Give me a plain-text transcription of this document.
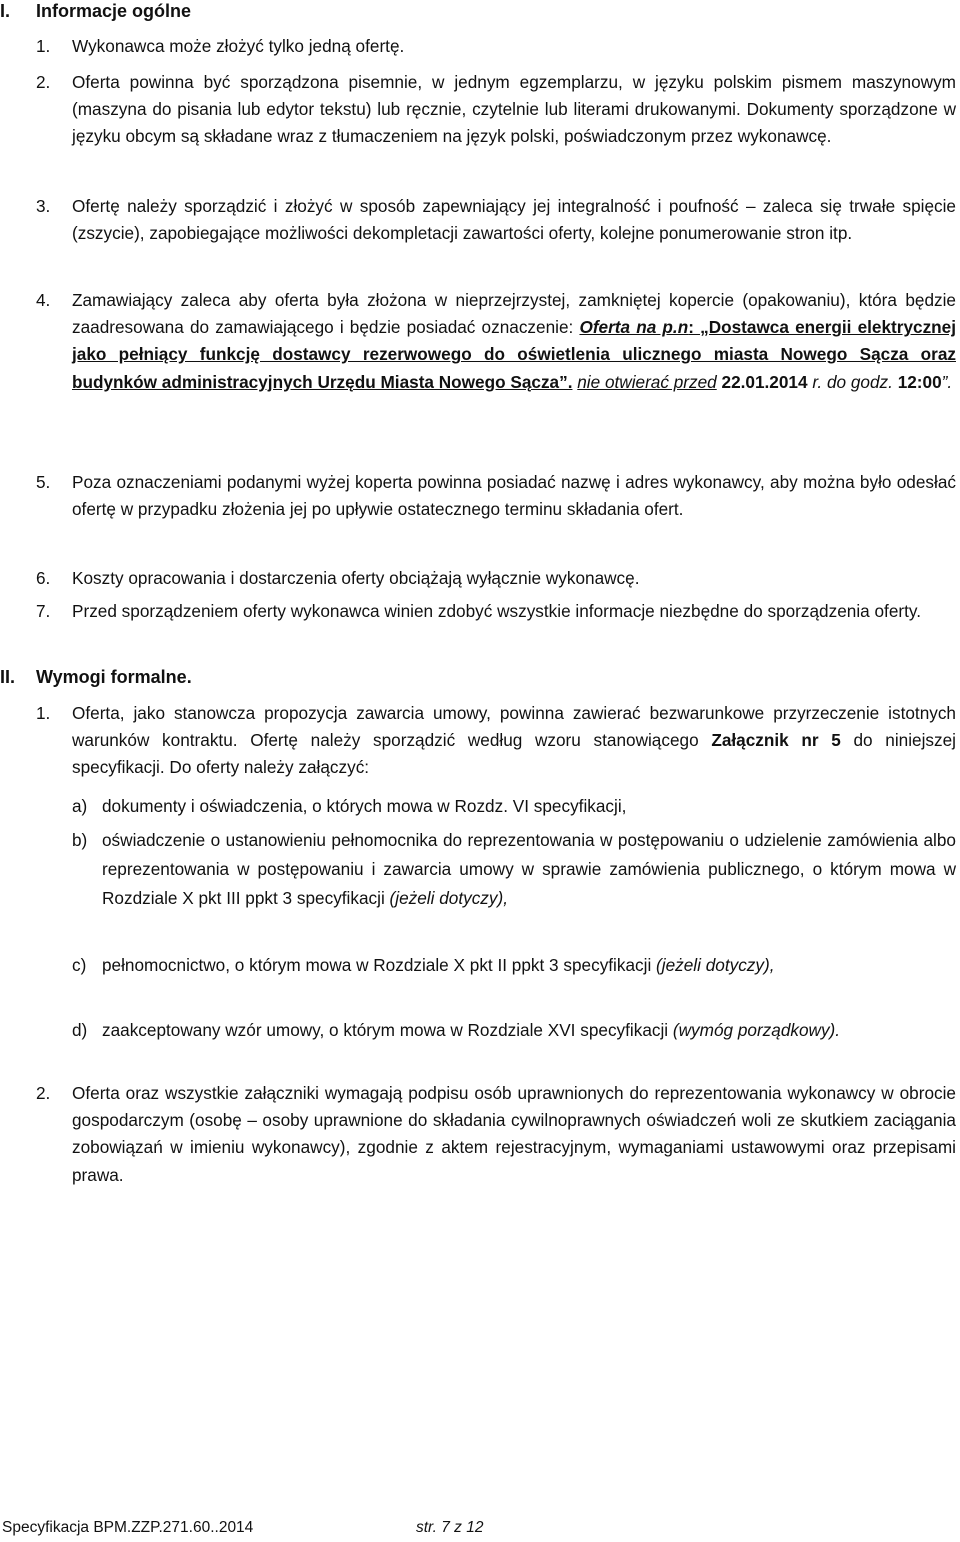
I. Informacje ogólne
1.	Wykonawca może złożyć tylko jedną ofertę.
2.	Oferta powinna być sporządzona pisemnie, w jednym egzemplarzu, w języku polskim pismem maszynowym (maszyna do pisania lub edytor tekstu) lub ręcznie, czytelnie lub literami drukowanymi. Dokumenty sporządzone w języku obcym są składane wraz z tłumaczeniem na język polski, poświadczonym przez wykonawcę.
3.	Ofertę należy sporządzić i złożyć w sposób zapewniający jej integralność i poufność – zaleca się trwałe spięcie (zszycie), zapobiegające możliwości dekompletacji zawartości oferty, kolejne ponumerowanie stron itp.
4.	Zamawiający zaleca aby oferta była złożona w nieprzejrzystej, zamkniętej kopercie (opakowaniu), która będzie zaadresowana do zamawiającego i będzie posiadać oznaczenie: Oferta na p.n: „Dostawca energii elektrycznej jako pełniący funkcję dostawcy rezerwowego do oświetlenia ulicznego miasta Nowego Sącza oraz budynków administracyjnych Urzędu Miasta Nowego Sącza”. nie otwierać przed 22.01.2014 r. do godz. 12:00”.
5.	Poza oznaczeniami podanymi wyżej koperta powinna posiadać nazwę i adres wykonawcy, aby można było odesłać ofertę w przypadku złożenia jej po upływie ostatecznego terminu składania ofert.
6.	Koszty opracowania i dostarczenia oferty obciążają wyłącznie wykonawcę.
7.	Przed sporządzeniem oferty wykonawca winien zdobyć wszystkie informacje niezbędne do sporządzenia oferty.
II. Wymogi formalne.
1.	Oferta, jako stanowcza propozycja zawarcia umowy, powinna zawierać bezwarunkowe przyrzeczenie istotnych warunków kontraktu. Ofertę należy sporządzić według wzoru stanowiącego Załącznik nr 5 do niniejszej specyfikacji. Do oferty należy załączyć:
a) dokumenty i oświadczenia, o których mowa w Rozdz. VI specyfikacji,
b) oświadczenie o ustanowieniu pełnomocnika do reprezentowania w postępowaniu o udzielenie zamówienia albo reprezentowania w postępowaniu i zawarcia umowy w sprawie zamówienia publicznego, o którym mowa w Rozdziale X pkt III ppkt 3 specyfikacji (jeżeli dotyczy),
c) pełnomocnictwo, o którym mowa w Rozdziale X pkt II ppkt 3 specyfikacji (jeżeli dotyczy),
d) zaakceptowany wzór umowy, o którym mowa w Rozdziale XVI specyfikacji (wymóg porządkowy).
2.	Oferta oraz wszystkie załączniki wymagają podpisu osób uprawnionych do reprezentowania wykonawcy w obrocie gospodarczym (osobę – osoby uprawnione do składania cywilnoprawnych oświadczeń woli ze skutkiem zaciągania zobowiązań w imieniu wykonawcy), zgodnie z aktem rejestracyjnym, wymaganiami ustawowymi oraz przepisami prawa.
Specyfikacja BPM.ZZP.271.60..2014	str. 7 z 12
